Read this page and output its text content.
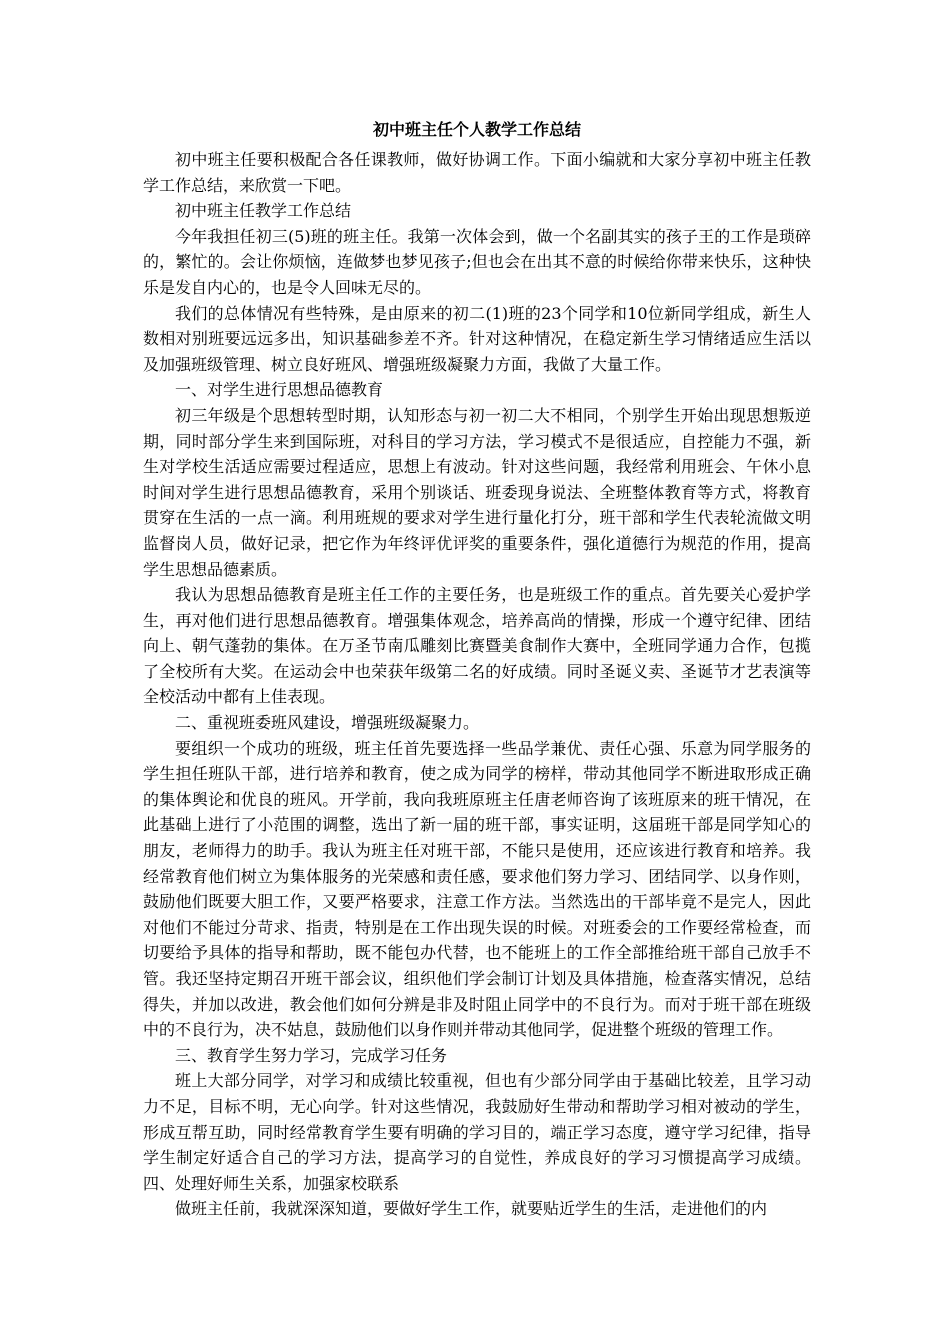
初中班主任个人教学工作总结

初中班主任要积极配合各任课教师，做好协调工作。下面小编就和大家分享初中班主任教学工作总结，来欣赏一下吧。

初中班主任教学工作总结

今年我担任初三(5)班的班主任。我第一次体会到，做一个名副其实的孩子王的工作是琐碎的，繁忙的。会让你烦恼，连做梦也梦见孩子;但也会在出其不意的时候给你带来快乐，这种快乐是发自内心的，也是令人回味无尽的。

我们的总体情况有些特殊，是由原来的初二(1)班的23个同学和10位新同学组成，新生人数相对别班要远远多出，知识基础参差不齐。针对这种情况，在稳定新生学习情绪适应生活以及加强班级管理、树立良好班风、增强班级凝聚力方面，我做了大量工作。

一、对学生进行思想品德教育

初三年级是个思想转型时期，认知形态与初一初二大不相同，个别学生开始出现思想叛逆期，同时部分学生来到国际班，对科目的学习方法，学习模式不是很适应，自控能力不强，新生对学校生活适应需要过程适应，思想上有波动。针对这些问题，我经常利用班会、午休小息时间对学生进行思想品德教育，采用个别谈话、班委现身说法、全班整体教育等方式，将教育贯穿在生活的一点一滴。利用班规的要求对学生进行量化打分，班干部和学生代表轮流做文明监督岗人员，做好记录，把它作为年终评优评奖的重要条件，强化道德行为规范的作用，提高学生思想品德素质。

我认为思想品德教育是班主任工作的主要任务，也是班级工作的重点。首先要关心爱护学生，再对他们进行思想品德教育。增强集体观念，培养高尚的情操，形成一个遵守纪律、团结向上、朝气蓬勃的集体。在万圣节南瓜雕刻比赛暨美食制作大赛中，全班同学通力合作，包揽了全校所有大奖。在运动会中也荣获年级第二名的好成绩。同时圣诞义卖、圣诞节才艺表演等全校活动中都有上佳表现。

二、重视班委班风建设，增强班级凝聚力。

要组织一个成功的班级，班主任首先要选择一些品学兼优、责任心强、乐意为同学服务的学生担任班队干部，进行培养和教育，使之成为同学的榜样，带动其他同学不断进取形成正确的集体舆论和优良的班风。开学前，我向我班原班主任唐老师咨询了该班原来的班干情况，在此基础上进行了小范围的调整，选出了新一届的班干部，事实证明，这届班干部是同学知心的朋友，老师得力的助手。我认为班主任对班干部，不能只是使用，还应该进行教育和培养。我经常教育他们树立为集体服务的光荣感和责任感，要求他们努力学习、团结同学、以身作则，鼓励他们既要大胆工作，又要严格要求，注意工作方法。当然选出的干部毕竟不是完人，因此对他们不能过分苛求、指责，特别是在工作出现失误的时候。对班委会的工作要经常检查，而切要给予具体的指导和帮助，既不能包办代替，也不能班上的工作全部推给班干部自己放手不管。我还坚持定期召开班干部会议，组织他们学会制订计划及具体措施，检查落实情况，总结得失，并加以改进，教会他们如何分辨是非及时阻止同学中的不良行为。而对于班干部在班级中的不良行为，决不姑息，鼓励他们以身作则并带动其他同学，促进整个班级的管理工作。

三、教育学生努力学习，完成学习任务

班上大部分同学，对学习和成绩比较重视，但也有少部分同学由于基础比较差，且学习动力不足，目标不明，无心向学。针对这些情况，我鼓励好生带动和帮助学习相对被动的学生，形成互帮互助，同时经常教育学生要有明确的学习目的，端正学习态度，遵守学习纪律，指导学生制定好适合自己的学习方法，提高学习的自觉性，养成良好的学习习惯提高学习成绩。四、处理好师生关系，加强家校联系

做班主任前，我就深深知道，要做好学生工作，就要贴近学生的生活，走进他们的内
